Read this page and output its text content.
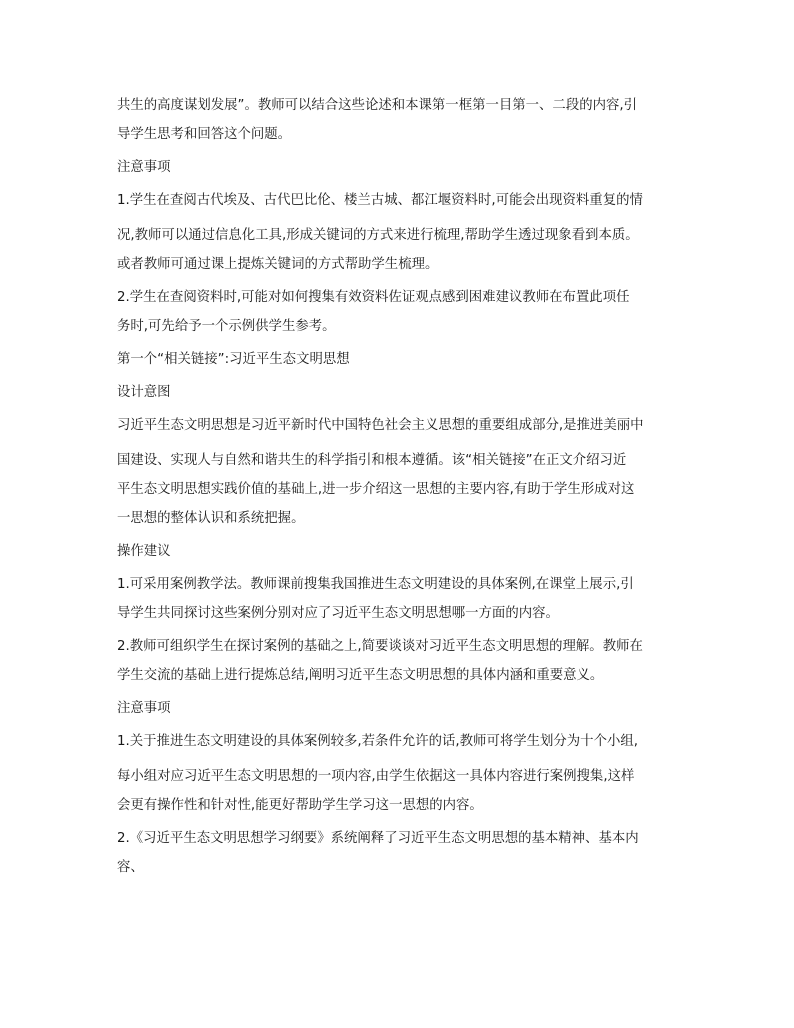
共生的高度谋划发展”。教师可以结合这些论述和本课第一框第一目第一、二段的内容,引
导学生思考和回答这个问题。
注意事项
1.学生在查阅古代埃及、古代巴比伦、楼兰古城、都江堰资料时,可能会出现资料重复的情
况,教师可以通过信息化工具,形成关键词的方式来进行梳理,帮助学生透过现象看到本质。
或者教师可通过课上提炼关键词的方式帮助学生梳理。
2.学生在查阅资料时,可能对如何搜集有效资料佐证观点感到困难建议教师在布置此项任
务时,可先给予一个示例供学生参考。
第一个“相关链接”:习近平生态文明思想
设计意图
习近平生态文明思想是习近平新时代中国特色社会主义思想的重要组成部分,是推进美丽中
国建设、实现人与自然和谐共生的科学指引和根本遵循。该“相关链接”在正文介绍习近
平生态文明思想实践价值的基础上,进一步介绍这一思想的主要内容,有助于学生形成对这
一思想的整体认识和系统把握。
操作建议
1.可采用案例教学法。教师课前搜集我国推进生态文明建设的具体案例,在课堂上展示,引
导学生共同探讨这些案例分别对应了习近平生态文明思想哪一方面的内容。
2.教师可组织学生在探讨案例的基础之上,简要谈谈对习近平生态文明思想的理解。教师在
学生交流的基础上进行提炼总结,阐明习近平生态文明思想的具体内涵和重要意义。
注意事项
1.关于推进生态文明建设的具体案例较多,若条件允许的话,教师可将学生划分为十个小组,
每小组对应习近平生态文明思想的一项内容,由学生依据这一具体内容进行案例搜集,这样
会更有操作性和针对性,能更好帮助学生学习这一思想的内容。
2.《习近平生态文明思想学习纲要》系统阐释了习近平生态文明思想的基本精神、基本内
容、
